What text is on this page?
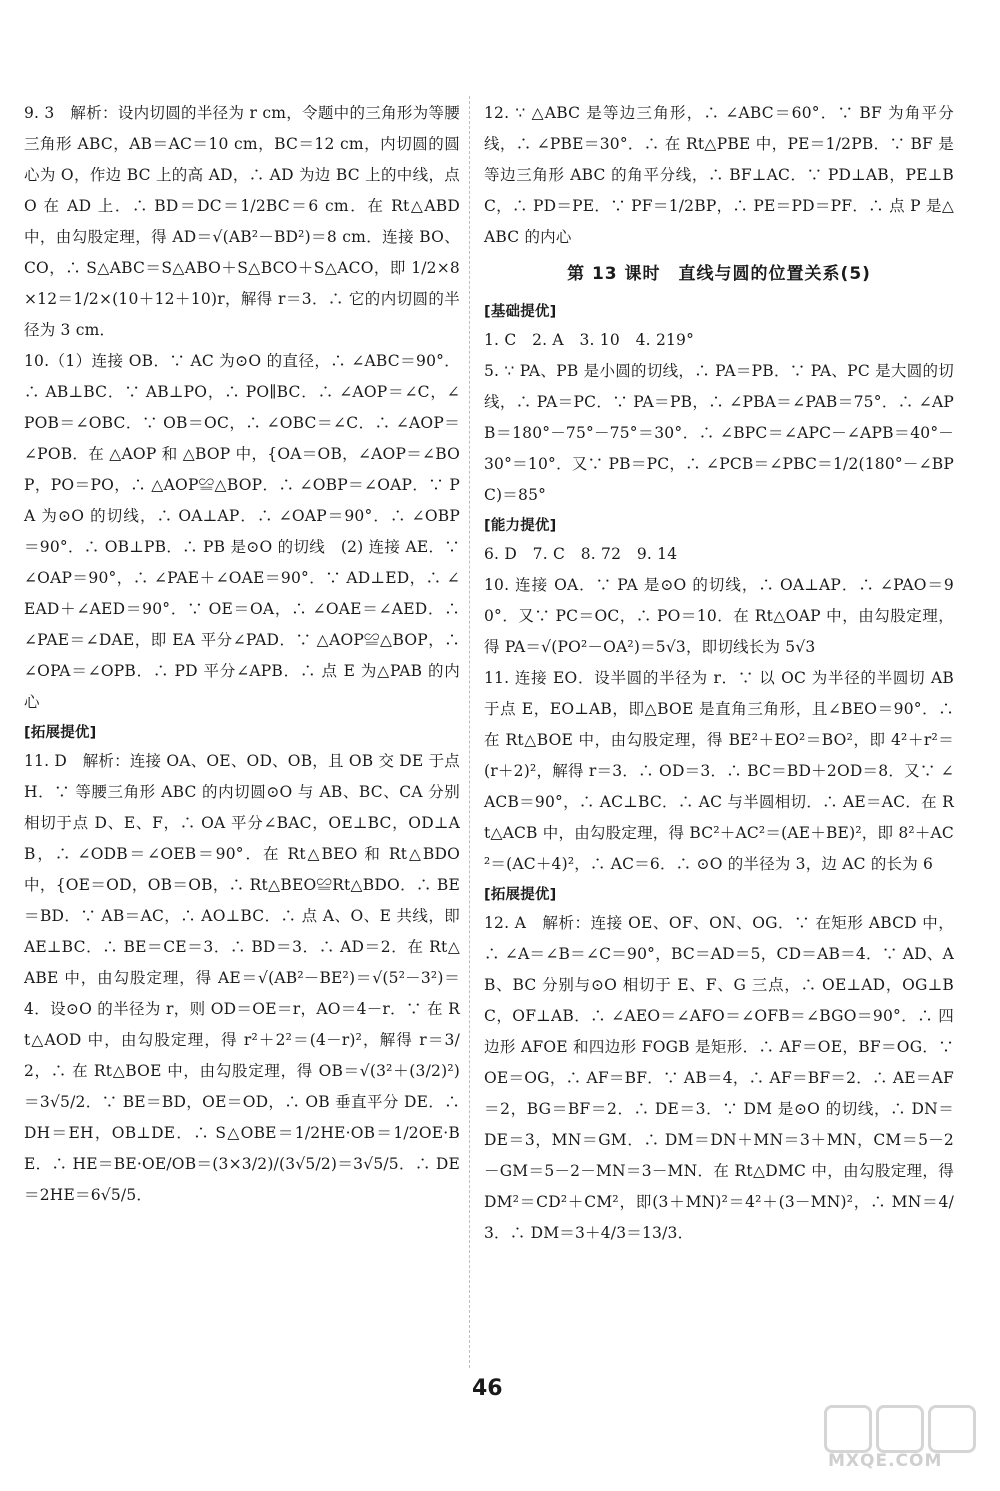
9. 3　解析：设内切圆的半径为 r cm，令题中的三角形为等腰三角形 ABC，AB＝AC＝10 cm，BC＝12 cm，内切圆的圆心为 O，作边 BC 上的高 AD，∴ AD 为边 BC 上的中线，点 O 在 AD 上．∴ BD＝DC＝1/2BC＝6 cm．在 Rt△ABD 中，由勾股定理，得 AD＝√(AB²－BD²)＝8 cm．连接 BO、CO，∴ S△ABC＝S△ABO＋S△BCO＋S△ACO，即 1/2×8×12＝1/2×(10＋12＋10)r，解得 r＝3．∴ 它的内切圆的半径为 3 cm．

10.（1）连接 OB．∵ AC 为⊙O 的直径，∴ ∠ABC＝90°．∴ AB⊥BC．∵ AB⊥PO，∴ PO∥BC．∴ ∠AOP＝∠C，∠POB＝∠OBC．∵ OB＝OC，∴ ∠OBC＝∠C．∴ ∠AOP＝∠POB．在 △AOP 和 △BOP 中，{OA＝OB，∠AOP＝∠BOP，PO＝PO，∴ △AOP≌△BOP．∴ ∠OBP＝∠OAP．∵ PA 为⊙O 的切线，∴ OA⊥AP．∴ ∠OAP＝90°．∴ ∠OBP＝90°．∴ OB⊥PB．∴ PB 是⊙O 的切线　(2) 连接 AE．∵ ∠OAP＝90°，∴ ∠PAE＋∠OAE＝90°．∵ AD⊥ED，∴ ∠EAD＋∠AED＝90°．∵ OE＝OA，∴ ∠OAE＝∠AED．∴ ∠PAE＝∠DAE，即 EA 平分∠PAD．∵ △AOP≌△BOP，∴ ∠OPA＝∠OPB．∴ PD 平分∠APB．∴ 点 E 为△PAB 的内心

[拓展提优]

11. D　解析：连接 OA、OE、OD、OB，且 OB 交 DE 于点 H．∵ 等腰三角形 ABC 的内切圆⊙O 与 AB、BC、CA 分别相切于点 D、E、F，∴ OA 平分∠BAC，OE⊥BC，OD⊥AB，∴ ∠ODB＝∠OEB＝90°．在 Rt△BEO 和 Rt△BDO 中，{OE＝OD，OB＝OB，∴ Rt△BEO≌Rt△BDO．∴ BE＝BD．∵ AB＝AC，∴ AO⊥BC．∴ 点 A、O、E 共线，即 AE⊥BC．∴ BE＝CE＝3．∴ BD＝3．∴ AD＝2．在 Rt△ABE 中，由勾股定理，得 AE＝√(AB²－BE²)＝√(5²－3²)＝4．设⊙O 的半径为 r，则 OD＝OE＝r，AO＝4－r．∵ 在 Rt△AOD 中，由勾股定理，得 r²＋2²＝(4－r)²，解得 r＝3/2，∴ 在 Rt△BOE 中，由勾股定理，得 OB＝√(3²＋(3/2)²)＝3√5/2．∵ BE＝BD，OE＝OD，∴ OB 垂直平分 DE．∴ DH＝EH，OB⊥DE．∴ S△OBE＝1/2HE·OB＝1/2OE·BE．∴ HE＝BE·OE/OB＝(3×3/2)/(3√5/2)＝3√5/5．∴ DE＝2HE＝6√5/5．

12. ∵ △ABC 是等边三角形，∴ ∠ABC＝60°．∵ BF 为角平分线，∴ ∠PBE＝30°．∴ 在 Rt△PBE 中，PE＝1/2PB．∵ BF 是等边三角形 ABC 的角平分线，∴ BF⊥AC．∵ PD⊥AB，PE⊥BC，∴ PD＝PE．∵ PF＝1/2BP，∴ PE＝PD＝PF．∴ 点 P 是△ABC 的内心

第 13 课时　直线与圆的位置关系(5)

[基础提优]

1. C　2. A　3. 10　4. 219°

5. ∵ PA、PB 是小圆的切线，∴ PA＝PB．∵ PA、PC 是大圆的切线，∴ PA＝PC．∵ PA＝PB，∴ ∠PBA＝∠PAB＝75°．∴ ∠APB＝180°－75°－75°＝30°．∴ ∠BPC＝∠APC－∠APB＝40°－30°＝10°．又∵ PB＝PC，∴ ∠PCB＝∠PBC＝1/2(180°－∠BPC)＝85°

[能力提优]

6. D　7. C　8. 72　9. 14

10. 连接 OA．∵ PA 是⊙O 的切线，∴ OA⊥AP．∴ ∠PAO＝90°．又∵ PC＝OC，∴ PO＝10．在 Rt△OAP 中，由勾股定理，得 PA＝√(PO²－OA²)＝5√3，即切线长为 5√3

11. 连接 EO．设半圆的半径为 r．∵ 以 OC 为半径的半圆切 AB 于点 E，EO⊥AB，即△BOE 是直角三角形，且∠BEO＝90°．∴ 在 Rt△BOE 中，由勾股定理，得 BE²＋EO²＝BO²，即 4²＋r²＝(r＋2)²，解得 r＝3．∴ OD＝3．∴ BC＝BD＋2OD＝8．又∵ ∠ACB＝90°，∴ AC⊥BC．∴ AC 与半圆相切．∴ AE＝AC．在 Rt△ACB 中，由勾股定理，得 BC²＋AC²＝(AE＋BE)²，即 8²＋AC²＝(AC＋4)²，∴ AC＝6．∴ ⊙O 的半径为 3，边 AC 的长为 6

[拓展提优]

12. A　解析：连接 OE、OF、ON、OG．∵ 在矩形 ABCD 中，∴ ∠A＝∠B＝∠C＝90°，BC＝AD＝5，CD＝AB＝4．∵ AD、AB、BC 分别与⊙O 相切于 E、F、G 三点，∴ OE⊥AD，OG⊥BC，OF⊥AB．∴ ∠AEO＝∠AFO＝∠OFB＝∠BGO＝90°．∴ 四边形 AFOE 和四边形 FOGB 是矩形．∴ AF＝OE，BF＝OG．∵ OE＝OG，∴ AF＝BF．∵ AB＝4，∴ AF＝BF＝2．∴ AE＝AF＝2，BG＝BF＝2．∴ DE＝3．∵ DM 是⊙O 的切线，∴ DN＝DE＝3，MN＝GM．∴ DM＝DN＋MN＝3＋MN，CM＝5－2－GM＝5－2－MN＝3－MN．在 Rt△DMC 中，由勾股定理，得 DM²＝CD²＋CM²，即(3＋MN)²＝4²＋(3－MN)²，∴ MN＝4/3．∴ DM＝3＋4/3＝13/3．

46
MXQE.COM
